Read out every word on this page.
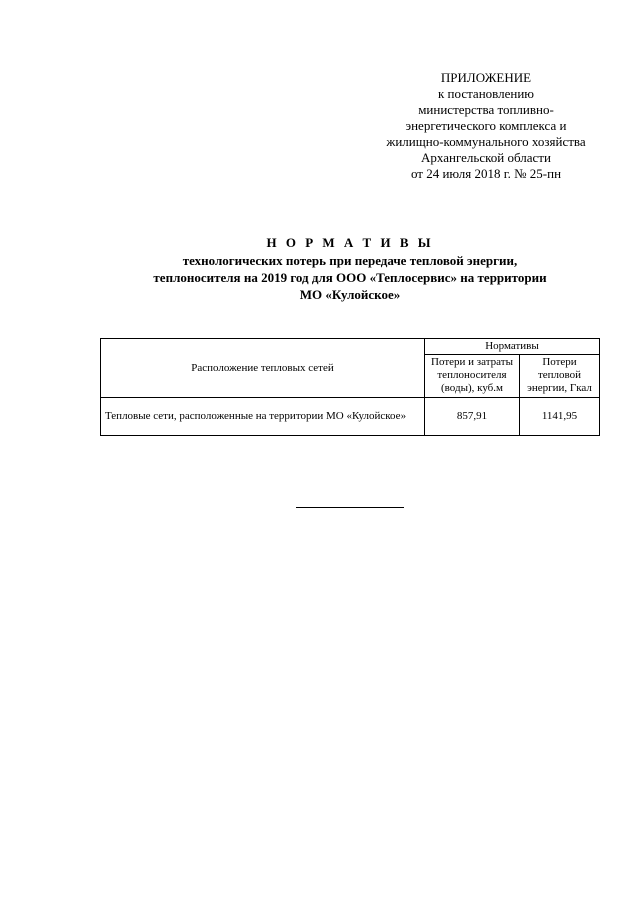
ПРИЛОЖЕНИЕ
к постановлению
министерства топливно-
энергетического комплекса и
жилищно-коммунального хозяйства
Архангельской области
от 24 июля 2018 г. № 25-пн
Н О Р М А Т И В Ы
технологических потерь при передаче тепловой энергии,
теплоносителя на 2019 год для ООО «Теплосервис» на территории
МО «Кулойское»
Расположение тепловых сетей	Нормативы	
	Потери и затраты теплоносителя (воды), куб.м	Потери тепловой энергии, Гкал
Тепловые сети, расположенные на территории МО «Кулойское»	857,91	1141,95
